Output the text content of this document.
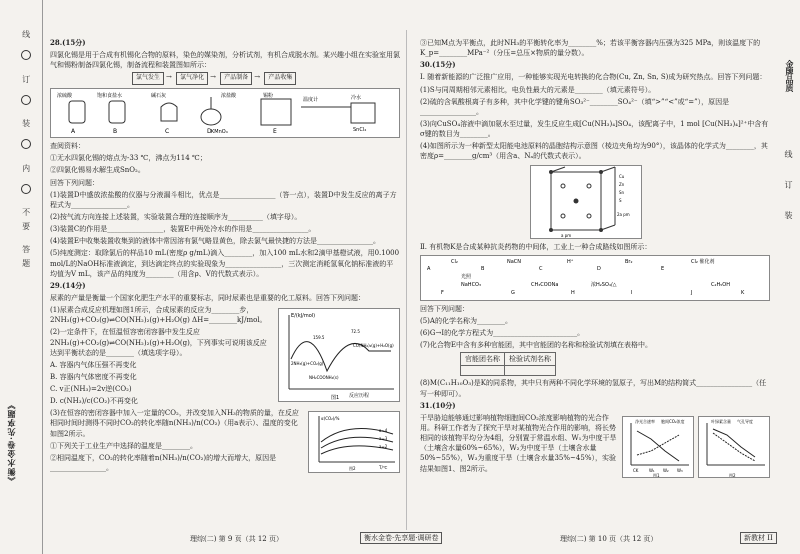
线 订 装 内 不要 答题
《衡水金卷·先享题》
金牌品质
线 订 装

28.(15分)

四氯化锡是用于合成有机锡化合物的原料，染色的媒染剂，分析试剂，有机合成脱水剂。某兴趣小组在实验室用氯气和锡粉制备四氯化锡，制备流程和装置图如所示：

氯气发生 → 氯气净化 → 产品制备 → 产品收集
A	B	C	D	E
浓硫酸	饱和食盐水	碱石灰
KMnO₄
浓盐酸	锡粉
温度计	冷水
SnCl₄

查阅资料：

①无水四氯化锡的熔点为-33 ℃，沸点为114 ℃；

②四氯化锡易水解生成SnO₂。

回答下列问题：

(1)装置D中盛放浓盐酸的仪器与分液漏斗相比，优点是________________（答一点），装置D中发生反应的离子方程式为________________。

(2)按气流方向连接上述装置，实验装置合理的连接顺序为__________（填字母）。

(3)装置C的作用是________________，装置E中两处冷水的作用是________________。

(4)装置E中收集装置收集到的液体中常因溶有氯气略显黄色，除去氯气最快捷的方法是________________。

(5)纯度测定：取除氯后的样品10 mL(密度ρ g/mL)滴入________，加入100 mL水和2滴甲基橙试液，用0.1000 mol/L的NaOH标准液滴定，到达滴定终点的实验现象为________________，三次测定消耗氢氧化钠标准液的平均值为V mL，该产品的纯度为________（用含ρ、V的代数式表示）。

29.(14分)

尿素的产量是衡量一个国家化肥生产水平的重要标志，同时尿素也是重要的化工原料。回答下列问题：

(1)尿素合成反应机理如图1所示，合成尿素的反应为________步，2NH₃(g)+CO₂(g)⇌CO(NH₂)₂(g)+H₂O(g) ΔH=________kJ/mol。

(2)一定条件下，在恒温恒容密闭容器中发生反应2NH₃(g)+CO₂(g)⇌CO(NH₂)₂(g)+H₂O(g)，下列事实可说明该反应达到平衡状态的是________（填选项字母）。

A. 容器内气体压强不再变化

B. 容器内气体密度不再变化

C. v正(NH₃)=2v逆(CO₂)

D. c(NH₃)/c(CO₂)不再变化

E/(kJ/mol)
反应历程
2NH₃(g)+CO₂(g)
NH₂COONH₄(s)
CO(NH₂)₂(g)+H₂O(g)
159.5
72.5
图1

(3)在恒容的密闭容器中加入一定量的CO₂，并改变加入NH₃的物质的量，在反应相同时间时测得不同时CO₂的转化率随n(NH₃)/n(CO₂)（用a表示）、温度的变化如图2所示。

①下列关于工业生产中选择的温度是________。

②相同温度下，CO₂的转化率随着n(NH₃)/n(CO₂)的增大而增大，原因是________________。

α(CO₂)/%
T/℃
a=4
a=3
a=2
图2

③已知M点为平衡点，此时NH₃的平衡转化率为________%；若该平衡容器内压强为325 MPa，则该温度下的K_p=________MPa⁻²（分压=总压×物质的量分数）。

30.(15分)

Ⅰ. 随着新能源的广泛推广应用，一种能够实现光电转换的化合物(Cu, Zn, Sn, S)成为研究热点。回答下列问题：

(1)S与同周期相邻元素相比，电负性最大的元素是________（填元素符号）。

(2)硫的含氧酸根离子有多种，其中化学键的键角SO₃²⁻________SO₄²⁻（填“>”“<”或“=”），原因是________________。

(3)向CuSO₄溶液中滴加氨水至过量，发生反应生成[Cu(NH₃)₄]SO₄，该配离子中，1 mol [Cu(NH₃)₄]²⁺中含有σ键的数目为________。

(4)如图所示为一种新型太阳能电池原料的晶胞结构示意图（棱边夹角均为90°），该晶体的化学式为________，其密度ρ=________g/cm³（用含a、Nₐ的代数式表示）。

Cu
Zn
Sn
S
a pm
2a pm

Ⅱ. 有机物K是合成某种抗炎药物的中间体，工业上一种合成路线如图所示：

A	B	C	D	E
F	G	H	I	J	K
Cl₂	NaCN	H⁺
NaHCO₃
Br₂
光照
Cl₂ 催化剂
浓H₂SO₄/△
CH₃COONa	C₂H₅OH

回答下列问题：

(5)A的化学名称为________。

(6)G→I的化学方程式为________________________。

(7)化合物E中含有多种官能团，其中官能团的名称和检验试剂填在表格中。

官能团名称	检验试剂名称

(8)M(C₁₁H₁₀O₃)是K的同系物，其中只有两种不同化学环境的氢原子，写出M的结构简式________________（任写一种即可）。

31.(10分)

干旱胁迫能够通过影响植物细胞间CO₂浓度影响植物的光合作用。科研工作者为了探究干旱对某植物光合作用的影响，将长势相同的该植物平均分为4组，分别置于常温水组、W₁为中度干旱（土壤含水量60%~65%），W₂为中度干旱（土壤含水量50%~55%），W₃为重度干旱（土壤含水量35%~45%），实验结果如图1、图2所示。

净光合速率 胞间CO₂浓度
CK	W₁ W₂ W₃
图1
叶绿素含量 气孔导度
图2
理综(二) 第 9 页（共 12 页）	衡水金卷·先享题·调研卷	理综(二) 第 10 页（共 12 页）	新教材 II
